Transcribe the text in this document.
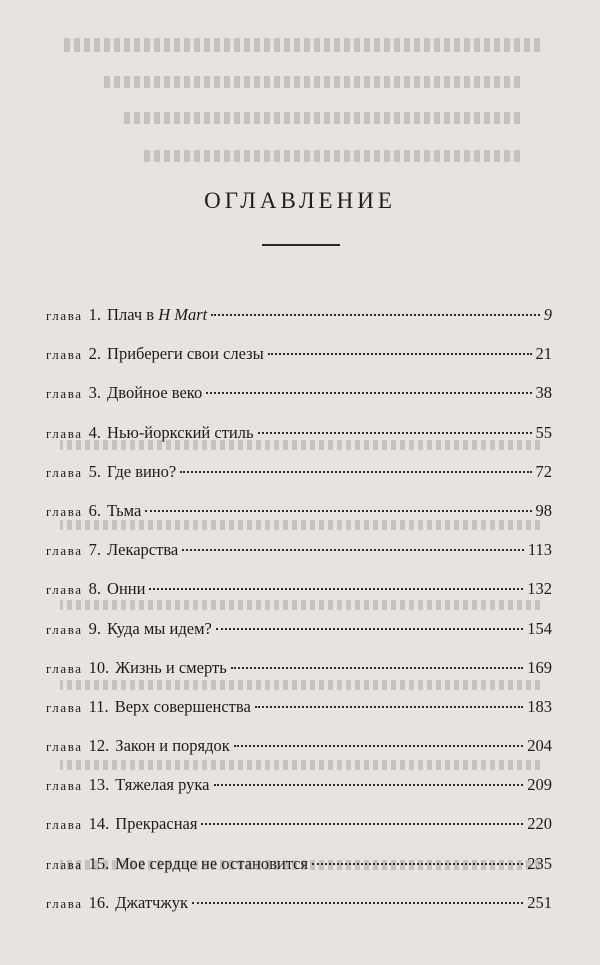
ОГЛАВЛЕНИЕ
глава 1. Плач в H Mart	9
глава 2. Прибереги свои слезы	21
глава 3. Двойное веко	38
глава 4. Нью-йоркский стиль	55
глава 5. Где вино?	72
глава 6. Тьма	98
глава 7. Лекарства	113
глава 8. Онни	132
глава 9. Куда мы идем?	154
глава 10. Жизнь и смерть	169
глава 11. Верх совершенства	183
глава 12. Закон и порядок	204
глава 13. Тяжелая рука	209
глава 14. Прекрасная	220
глава 15. Мое сердце не остановится	235
глава 16. Джатчжук	251
